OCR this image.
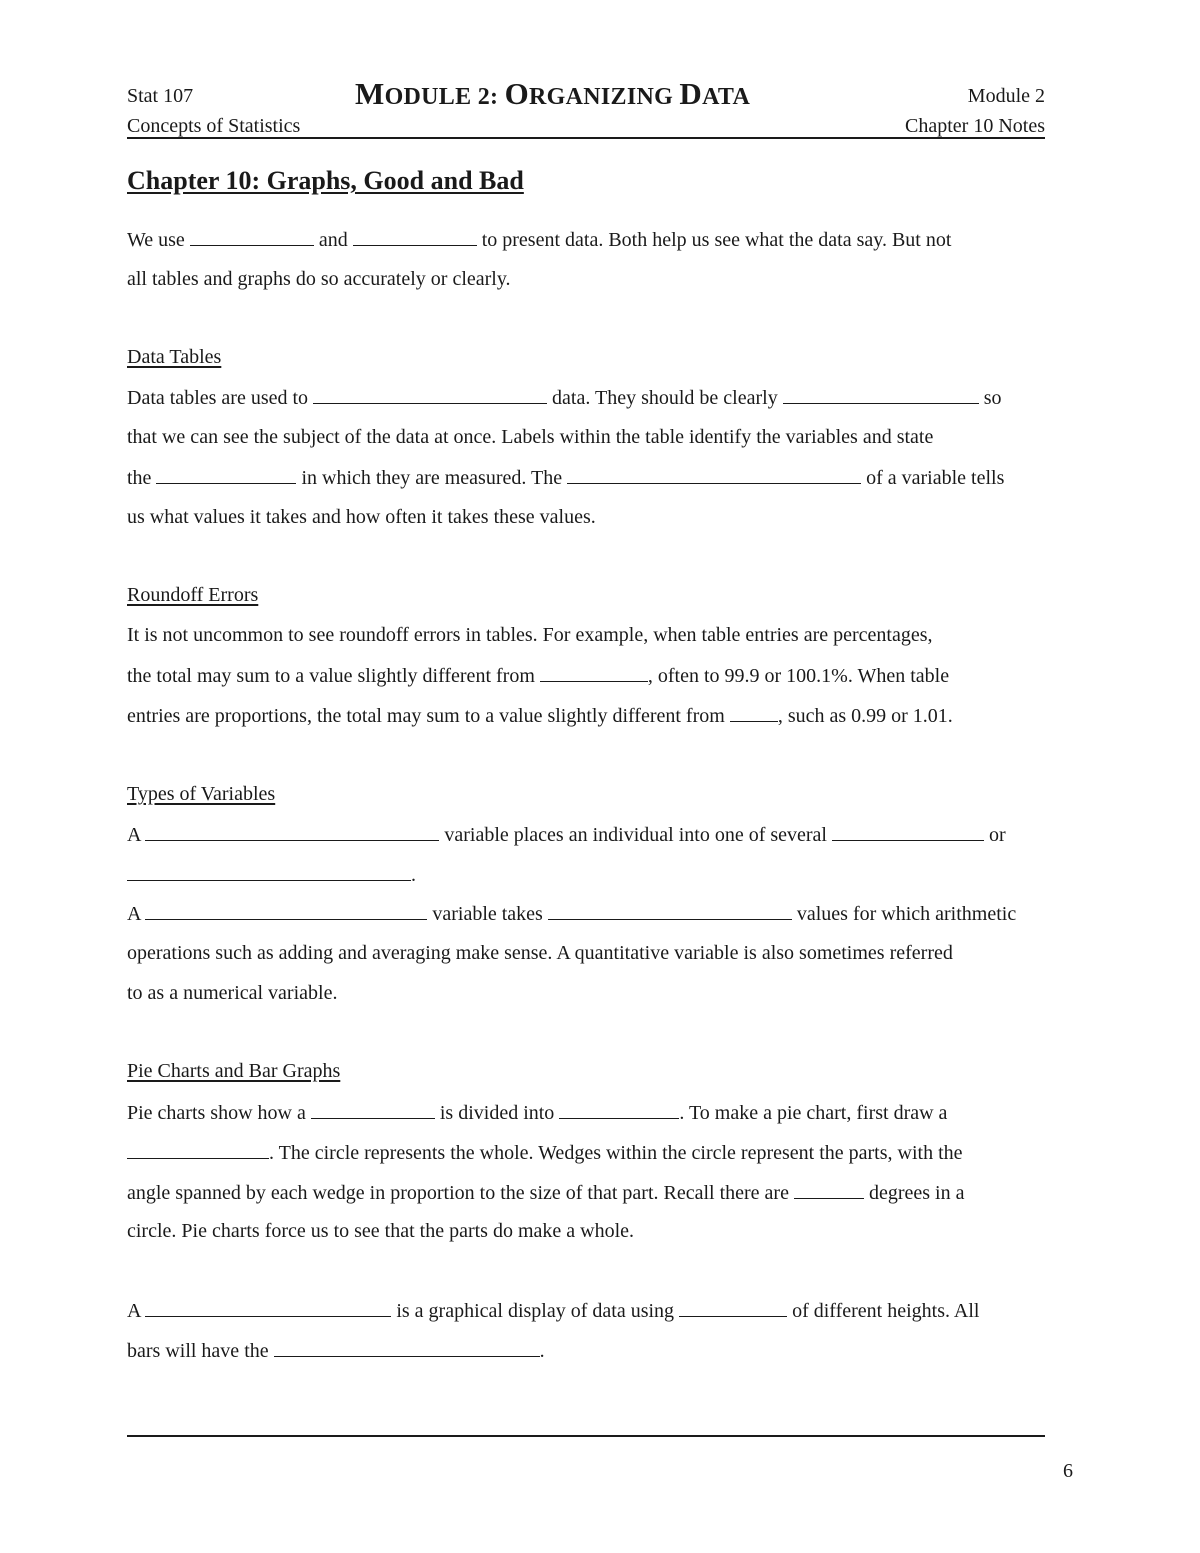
Stat 107
Concepts of Statistics
MODULE 2: ORGANIZING DATA	Module 2
Chapter 10 Notes
Chapter 10: Graphs, Good and Bad
We use	and	to present data. Both help us see what the data say. But not
all tables and graphs do so accurately or clearly.
Data Tables
Data tables are used to	data. They should be clearly	so
that we can see the subject of the data at once. Labels within the table identify the variables and state
the	in which they are measured. The	of a variable tells
us what values it takes and how often it takes these values.
Roundoff Errors
It is not uncommon to see roundoff errors in tables. For example, when table entries are percentages,
the total may sum to a value slightly different from	, often to 99.9 or 100.1%. When table
entries are proportions, the total may sum to a value slightly different from	, such as 0.99 or 1.01.
Types of Variables
A	variable places an individual into one of several	or
.
A	variable takes	values for which arithmetic
operations such as adding and averaging make sense. A quantitative variable is also sometimes referred
to as a numerical variable.
Pie Charts and Bar Graphs
Pie charts show how a	is divided into	. To make a pie chart, first draw a
. The circle represents the whole. Wedges within the circle represent the parts, with the
angle spanned by each wedge in proportion to the size of that part. Recall there are	degrees in a
circle. Pie charts force us to see that the parts do make a whole.
A	is a graphical display of data using	of different heights. All
bars will have the	.
6
